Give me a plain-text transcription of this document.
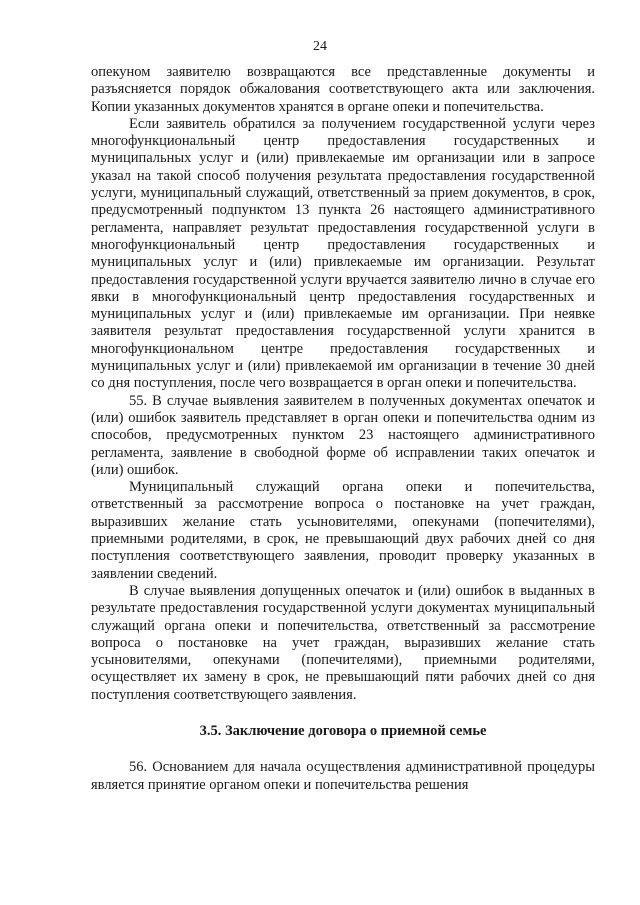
24

опекуном заявителю возвращаются все представленные документы и разъясняется порядок обжалования соответствующего акта или заключения. Копии указанных документов хранятся в органе опеки и попечительства.

Если заявитель обратился за получением государственной услуги через многофункциональный центр предоставления государственных и муниципальных услуг и (или) привлекаемые им организации или в запросе указал на такой способ получения результата предоставления государственной услуги, муниципальный служащий, ответственный за прием документов, в срок, предусмотренный подпунктом 13 пункта 26 настоящего административного регламента, направляет результат предоставления государственной услуги в многофункциональный центр предоставления государственных и муниципальных услуг и (или) привлекаемые им организации. Результат предоставления государственной услуги вручается заявителю лично в случае его явки в многофункциональный центр предоставления государственных и муниципальных услуг и (или) привлекаемые им организации. При неявке заявителя результат предоставления государственной услуги хранится в многофункциональном центре предоставления государственных и муниципальных услуг и (или) привлекаемой им организации в течение 30 дней со дня поступления, после чего возвращается в орган опеки и попечительства.

55. В случае выявления заявителем в полученных документах опечаток и (или) ошибок заявитель представляет в орган опеки и попечительства одним из способов, предусмотренных пунктом 23 настоящего административного регламента, заявление в свободной форме об исправлении таких опечаток и (или) ошибок.

Муниципальный служащий органа опеки и попечительства, ответственный за рассмотрение вопроса о постановке на учет граждан, выразивших желание стать усыновителями, опекунами (попечителями), приемными родителями, в срок, не превышающий двух рабочих дней со дня поступления соответствующего заявления, проводит проверку указанных в заявлении сведений.

В случае выявления допущенных опечаток и (или) ошибок в выданных в результате предоставления государственной услуги документах муниципальный служащий органа опеки и попечительства, ответственный за рассмотрение вопроса о постановке на учет граждан, выразивших желание стать усыновителями, опекунами (попечителями), приемными родителями, осуществляет их замену в срок, не превышающий пяти рабочих дней со дня поступления соответствующего заявления.

3.5. Заключение договора о приемной семье

56. Основанием для начала осуществления административной процедуры является принятие органом опеки и попечительства решения
